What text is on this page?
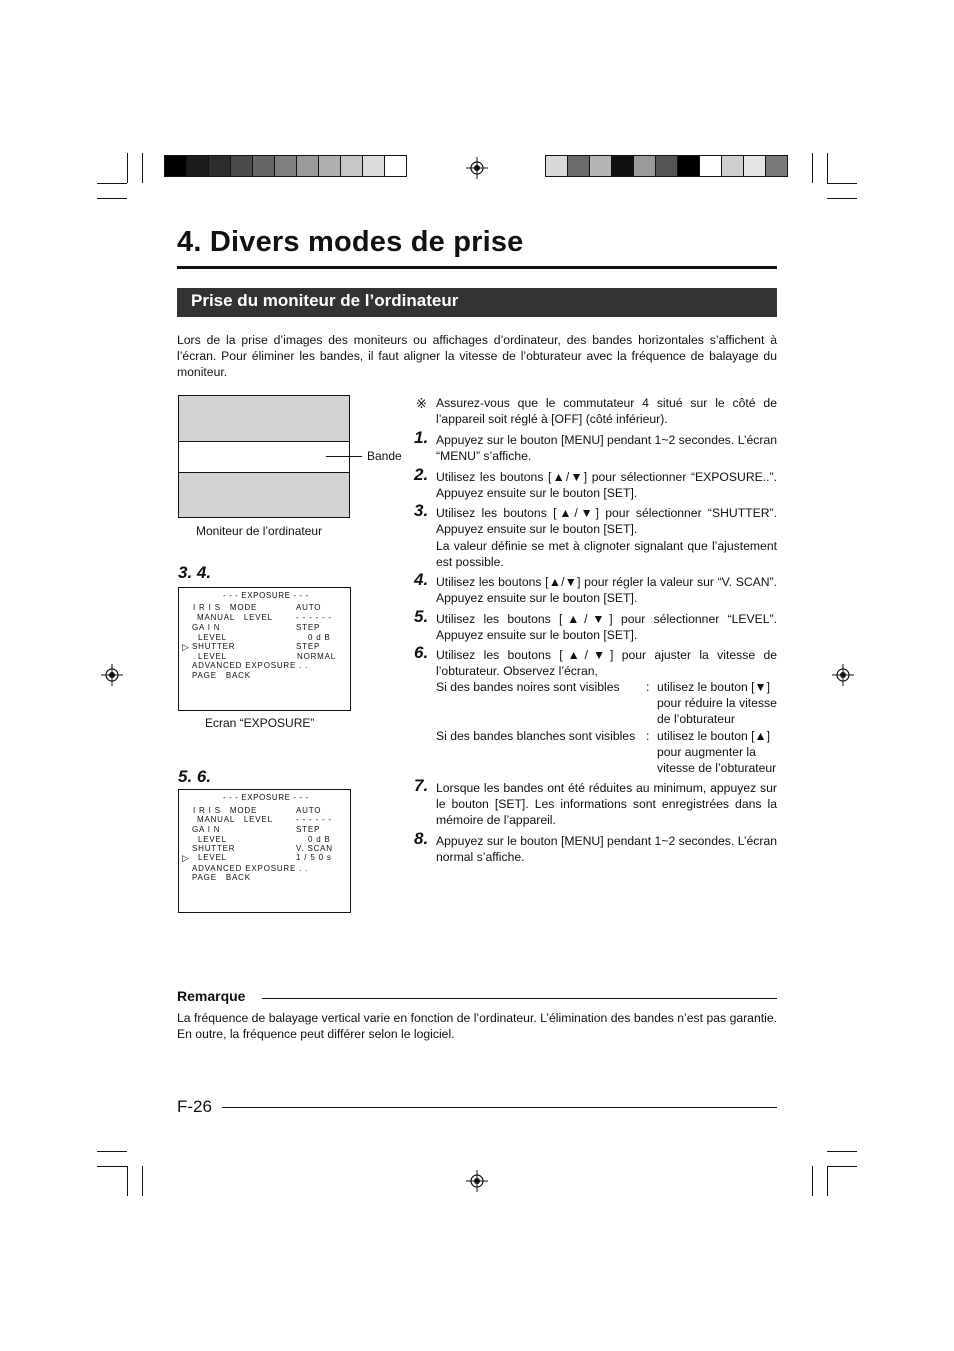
4. Divers modes de prise
Prise du moniteur de l’ordinateur
Lors de la prise d’images des moniteurs ou affichages d’ordinateur, des bandes horizontales s’affichent à l’écran. Pour éliminer les bandes, il faut aligner la vitesse de l’obturateur avec la fréquence de balayage du moniteur.
Bande
Moniteur de l’ordinateur
3. 4.
- - - EXPOSURE - - -
▷
I R I S   MODE	AUTO
MANUAL   LEVEL	- - - - - -
GA I N	STEP
LEVEL	0 d B
SHUTTER	STEP
LEVEL	NORMAL
ADVANCED EXPOSURE . .
PAGE   BACK
Ecran “EXPOSURE”
5. 6.
- - - EXPOSURE - - -
▷
I R I S   MODE	AUTO
MANUAL   LEVEL	- - - - - -
GA I N	STEP
LEVEL	0 d B
SHUTTER	V. SCAN
LEVEL	1 / 5 0 s
ADVANCED EXPOSURE . .
PAGE   BACK
※ Assurez-vous que le commutateur 4 situé sur le côté de l’appareil soit réglé à [OFF] (côté inférieur).
1. Appuyez sur le bouton [MENU] pendant 1~2 secondes. L’écran “MENU” s’affiche.
2. Utilisez les boutons [▲/▼] pour sélectionner “EXPOSURE..”. Appuyez ensuite sur le bouton [SET].
3. Utilisez les boutons [▲/▼] pour sélectionner “SHUTTER”. Appuyez ensuite sur le bouton [SET].
La valeur définie se met à clignoter signalant que l’ajustement est possible.
4. Utilisez les boutons [▲/▼] pour régler la valeur sur “V. SCAN”. Appuyez ensuite sur le bouton [SET].
5. Utilisez les boutons [▲/▼] pour sélectionner “LEVEL”. Appuyez ensuite sur le bouton [SET].
6. Utilisez les boutons [▲/▼] pour ajuster la vitesse de l’obturateur. Observez l’écran,
Si des bandes noires sont visibles	: utilisez le bouton [▼] pour réduire la vitesse de l’obturateur
Si des bandes blanches sont visibles : utilisez le bouton [▲] pour augmenter la vitesse de l’obturateur
7. Lorsque les bandes ont été réduites au minimum, appuyez sur le bouton [SET]. Les informations sont enregistrées dans la mémoire de l’appareil.
8. Appuyez sur le bouton [MENU] pendant 1~2 secondes. L’écran normal s’affiche.
Remarque
La fréquence de balayage vertical varie en fonction de l’ordinateur. L’élimination des bandes n’est pas garantie. En outre, la fréquence peut différer selon le logiciel.
F-26
